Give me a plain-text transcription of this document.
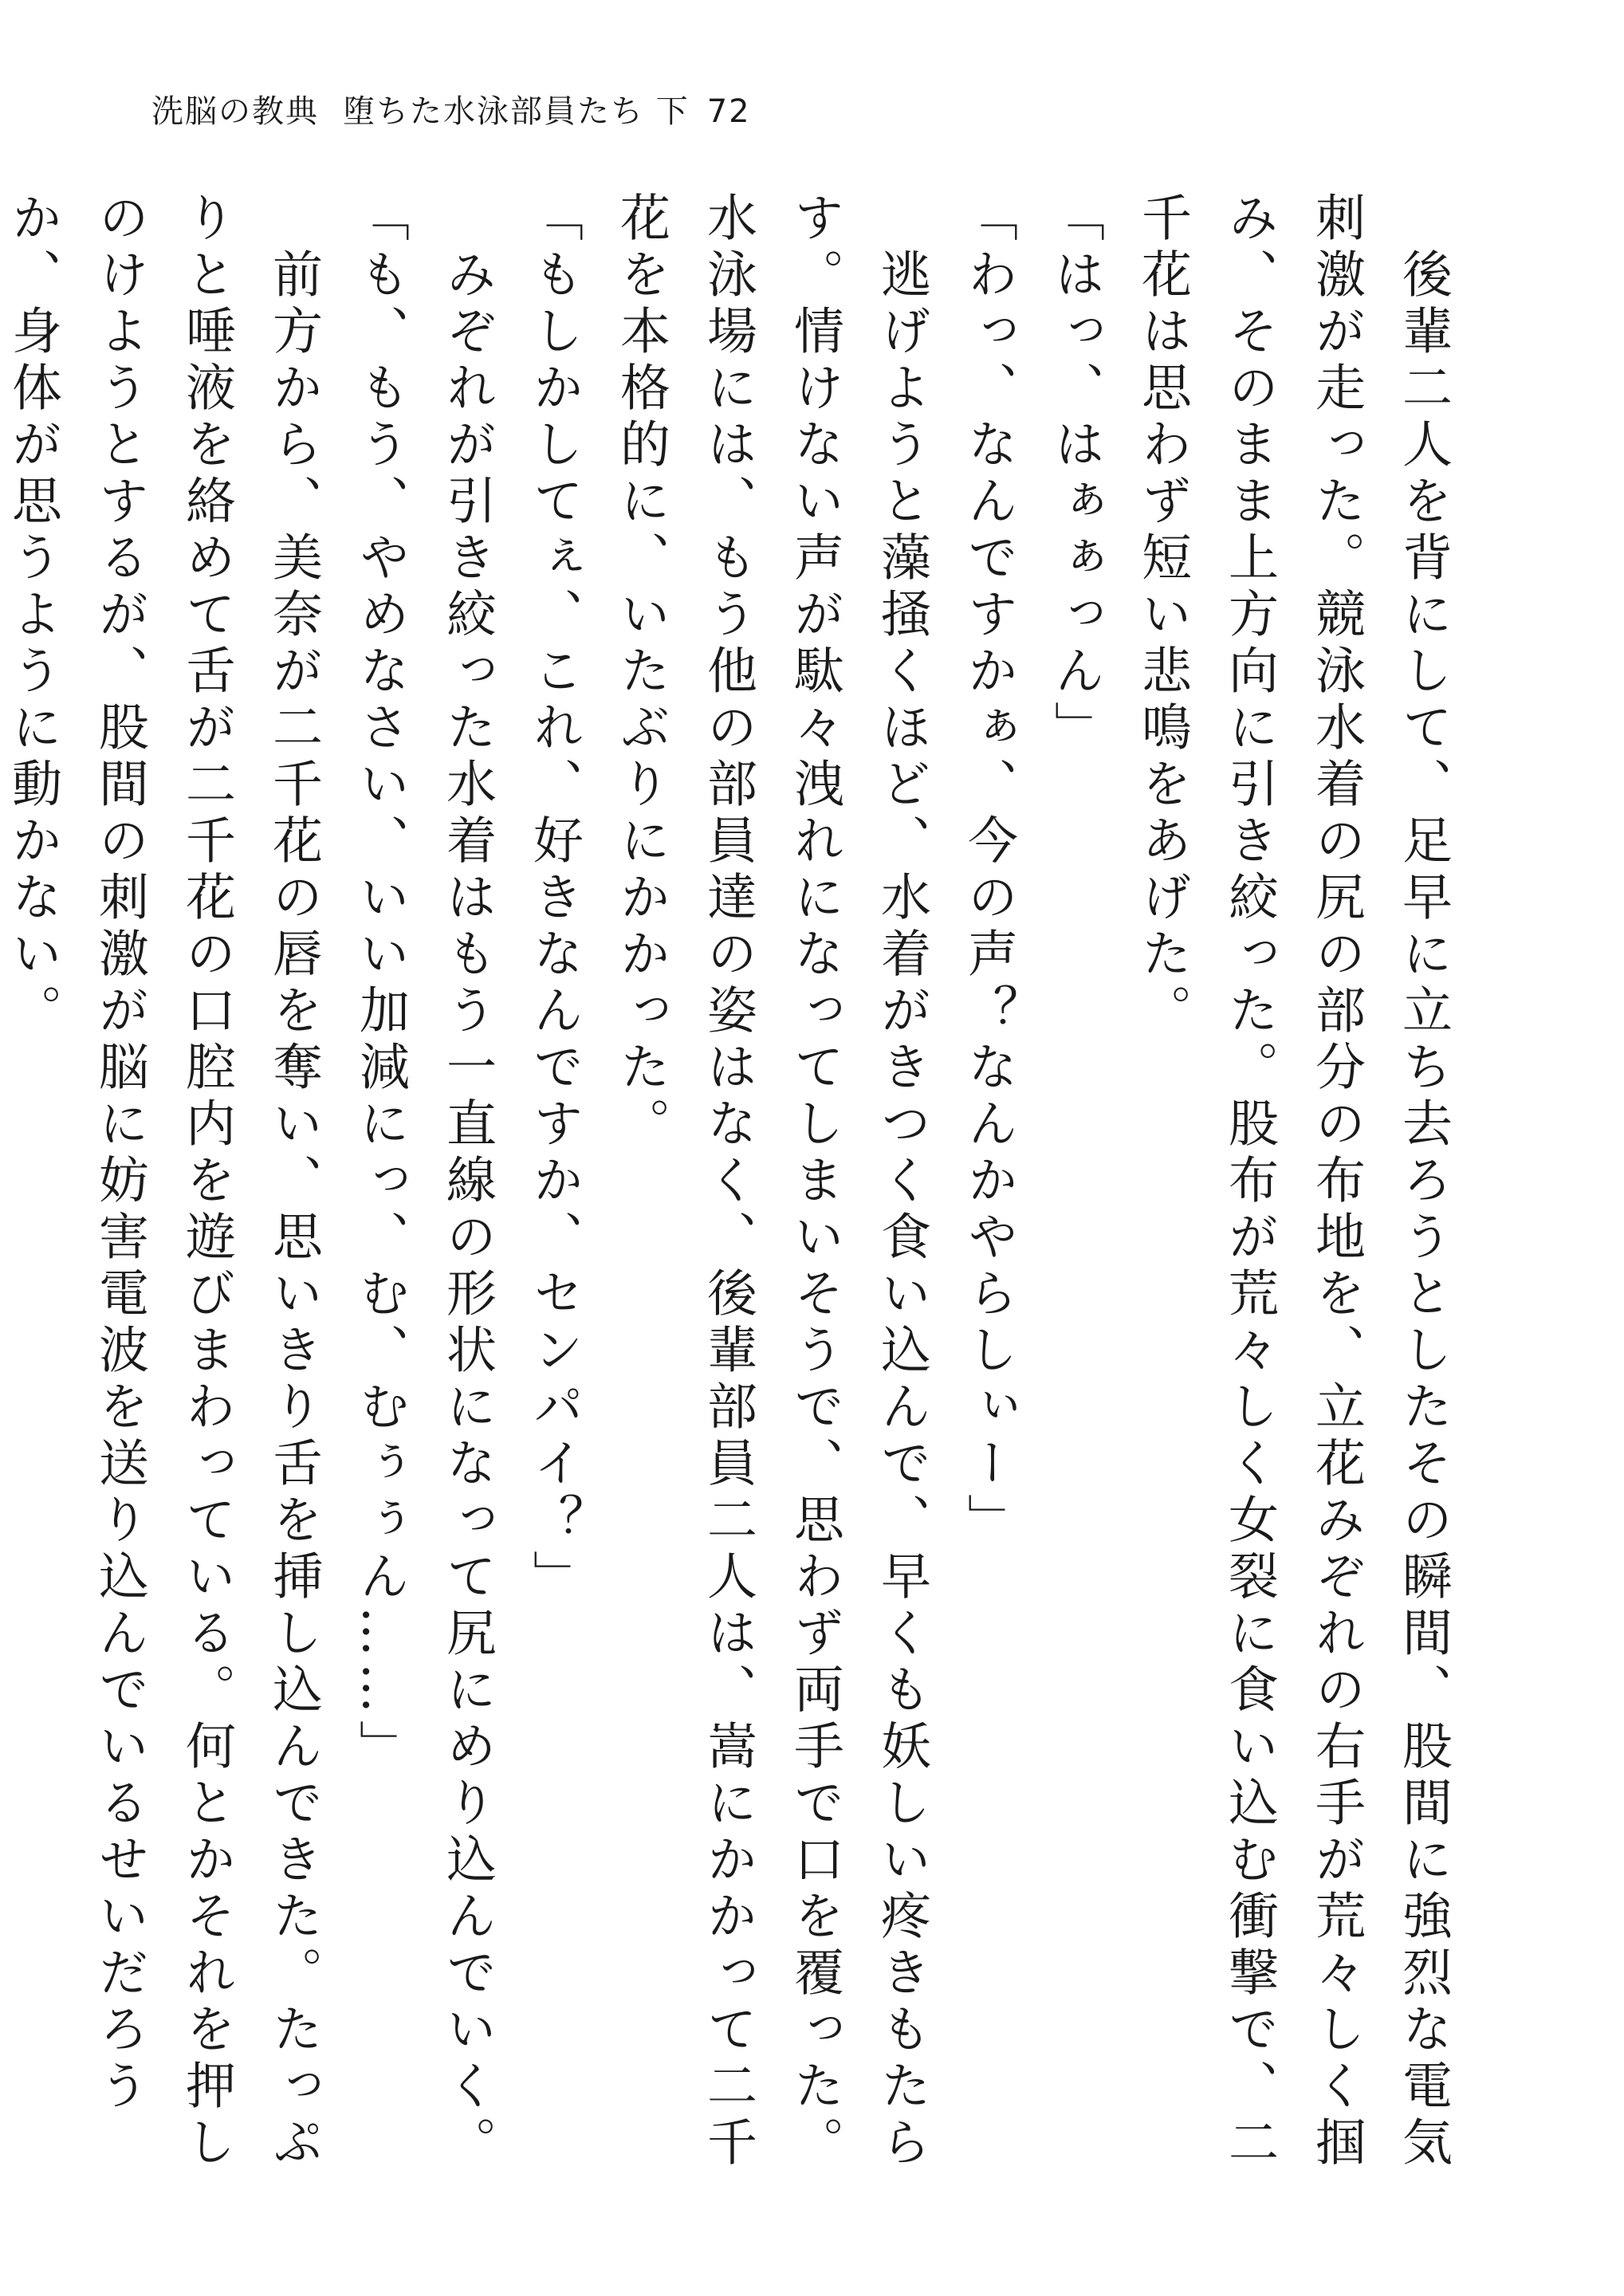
洗脳の教典 堕ちた水泳部員たち 下 72

　後輩二人を背にして、足早に立ち去ろうとしたその瞬間、股間に強烈な電気刺激が走った。競泳水着の尻の部分の布地を、立花みぞれの右手が荒々しく掴み、そのまま上方向に引き絞った。股布が荒々しく女裂に食い込む衝撃で、二千花は思わず短い悲鳴をあげた。

「はっ、はぁぁっん」

「わっ、なんですかぁ、今の声？なんかやらしぃー」

　逃げようと藻掻くほど、水着がきつく食い込んで、早くも妖しい疼きもたらす。情けない声が駄々洩れになってしまいそうで、思わず両手で口を覆った。水泳場には、もう他の部員達の姿はなく、後輩部員二人は、嵩にかかって二千花を本格的に、いたぶりにかかった。

「もしかしてぇ、これ、好きなんですか、センパイ？」

　みぞれが引き絞った水着はもう一直線の形状になって尻にめり込んでいく。

「も、もう、やめなさい、いい加減にっ、む、むぅぅん……」

　前方から、美奈が二千花の唇を奪い、思いきり舌を挿し込んできた。たっぷりと唾液を絡めて舌が二千花の口腔内を遊びまわっている。何とかそれを押しのけようとするが、股間の刺激が脳に妨害電波を送り込んでいるせいだろうか、身体が思うように動かない。
